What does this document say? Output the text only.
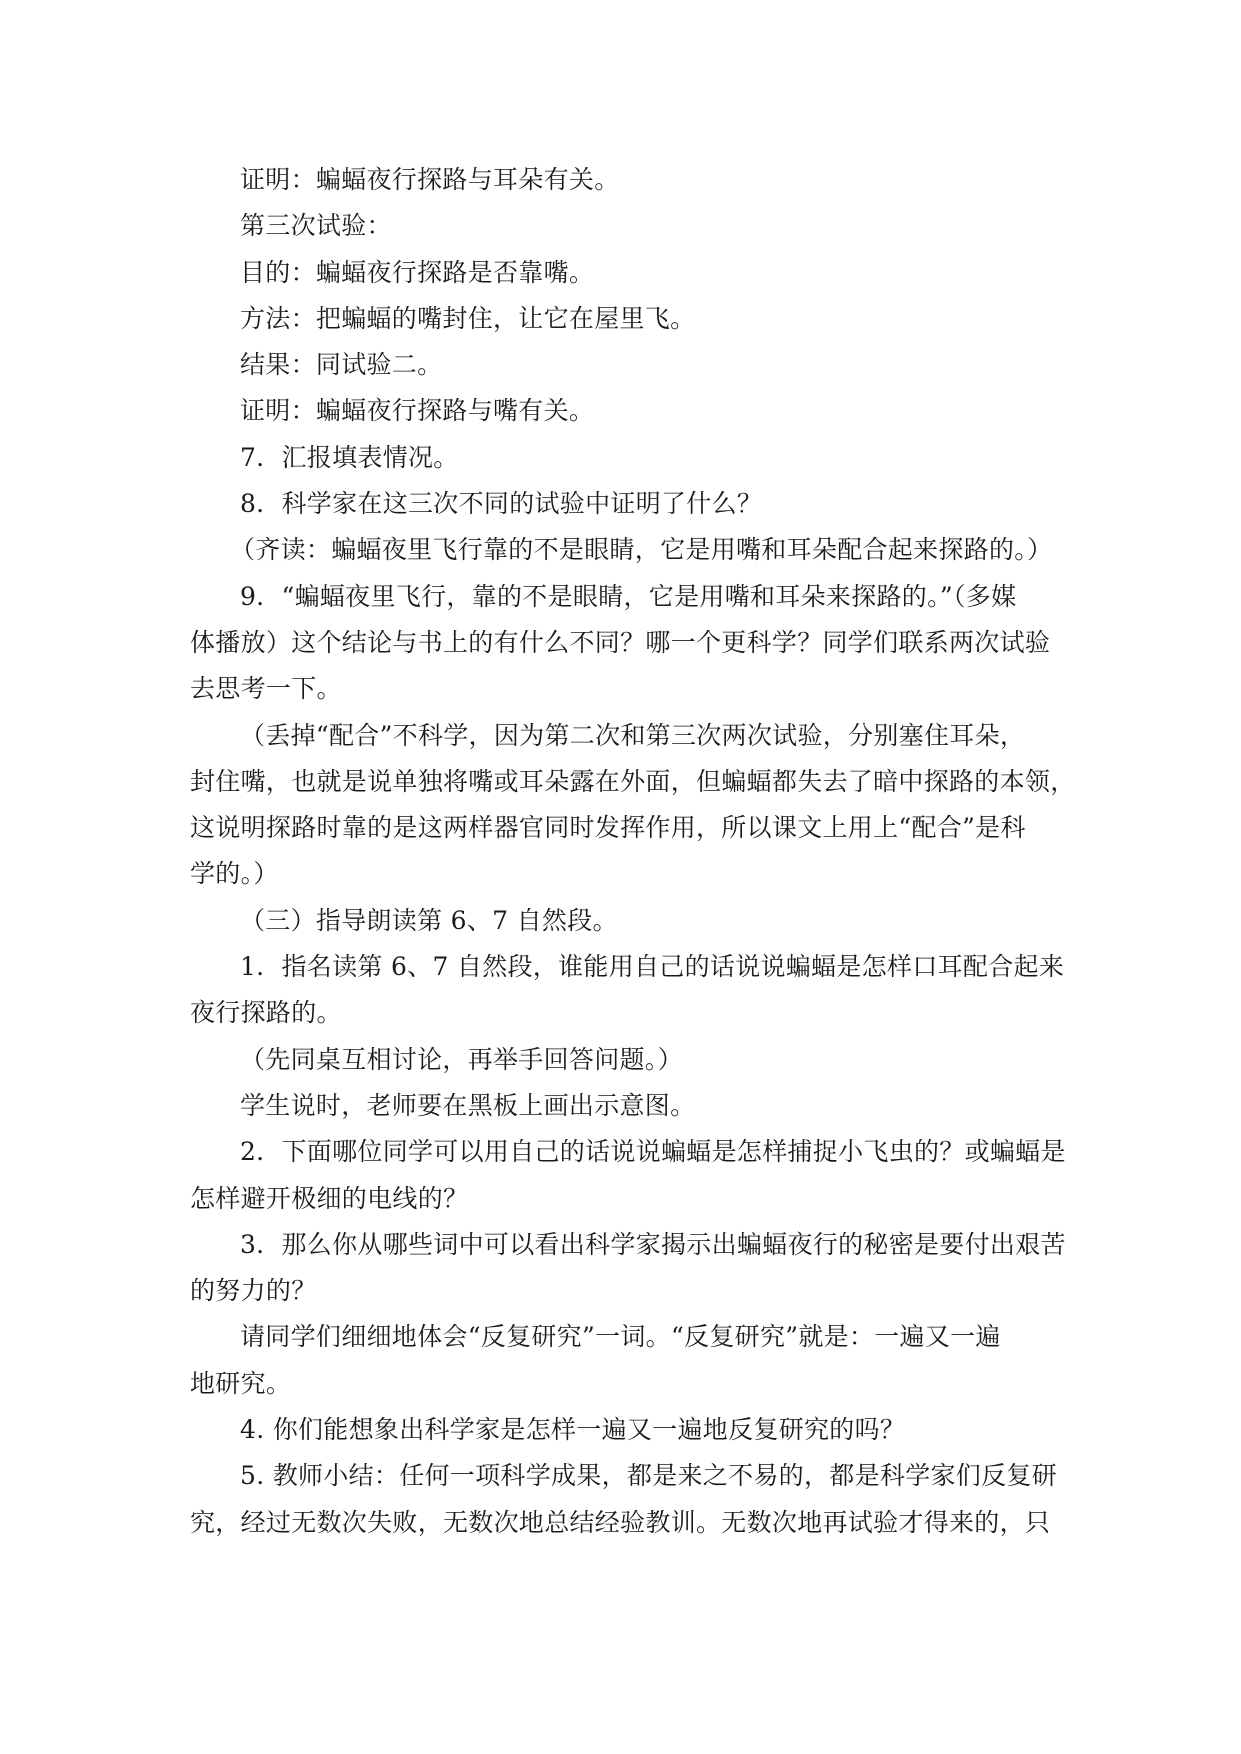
证明：蝙蝠夜行探路与耳朵有关。

第三次试验：

目的：蝙蝠夜行探路是否靠嘴。

方法：把蝙蝠的嘴封住，让它在屋里飞。

结果：同试验二。

证明：蝙蝠夜行探路与嘴有关。

7．汇报填表情况。

8．科学家在这三次不同的试验中证明了什么？

（齐读：蝙蝠夜里飞行靠的不是眼睛，它是用嘴和耳朵配合起来探路的。）

9．“蝙蝠夜里飞行，靠的不是眼睛，它是用嘴和耳朵来探路的。”（多媒
体播放）这个结论与书上的有什么不同？哪一个更科学？同学们联系两次试验
去思考一下。

（丢掉“配合”不科学，因为第二次和第三次两次试验，分别塞住耳朵，
封住嘴，也就是说单独将嘴或耳朵露在外面，但蝙蝠都失去了暗中探路的本领，
这说明探路时靠的是这两样器官同时发挥作用，所以课文上用上“配合”是科
学的。）

（三）指导朗读第 6、7 自然段。

1．指名读第 6、7 自然段，谁能用自己的话说说蝙蝠是怎样口耳配合起来
夜行探路的。

（先同桌互相讨论，再举手回答问题。）

学生说时，老师要在黑板上画出示意图。

2．下面哪位同学可以用自己的话说说蝙蝠是怎样捕捉小飞虫的？或蝙蝠是
怎样避开极细的电线的？

3．那么你从哪些词中可以看出科学家揭示出蝙蝠夜行的秘密是要付出艰苦
的努力的？

请同学们细细地体会“反复研究”一词。“反复研究”就是：一遍又一遍
地研究。

4. 你们能想象出科学家是怎样一遍又一遍地反复研究的吗？

5. 教师小结：任何一项科学成果，都是来之不易的，都是科学家们反复研
究，经过无数次失败，无数次地总结经验教训。无数次地再试验才得来的，只
